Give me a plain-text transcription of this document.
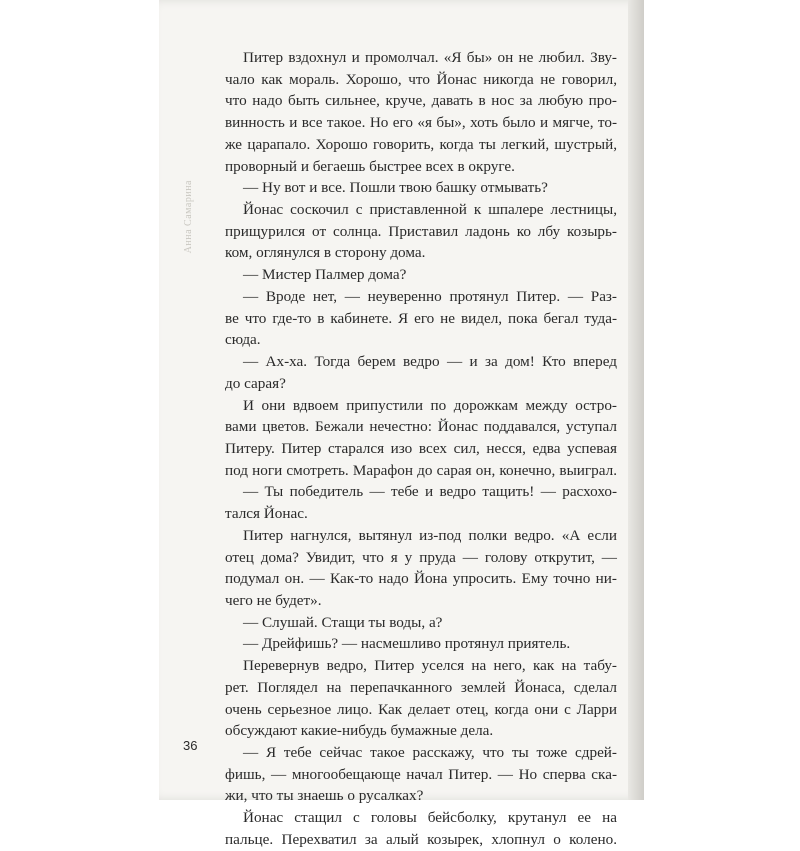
Анна Самарина
Питер вздохнул и промолчал. «Я бы» он не любил. Зву-
чало как мораль. Хорошо, что Йонас никогда не говорил,
что надо быть сильнее, круче, давать в нос за любую про-
винность и все такое. Но его «я бы», хоть было и мягче, то-
же царапало. Хорошо говорить, когда ты легкий, шустрый,
проворный и бегаешь быстрее всех в округе.
— Ну вот и все. Пошли твою башку отмывать?
Йонас соскочил с приставленной к шпалере лестницы,
прищурился от солнца. Приставил ладонь ко лбу козырь-
ком, оглянулся в сторону дома.
— Мистер Палмер дома?
— Вроде нет, — неуверенно протянул Питер. — Раз-
ве что где-то в кабинете. Я его не видел, пока бегал туда-
сюда.
— Ах-ха. Тогда берем ведро — и за дом! Кто вперед
до сарая?
И они вдвоем припустили по дорожкам между остро-
вами цветов. Бежали нечестно: Йонас поддавался, уступал
Питеру. Питер старался изо всех сил, несся, едва успевая
под ноги смотреть. Марафон до сарая он, конечно, выиграл.
— Ты победитель — тебе и ведро тащить! — расхохо-
тался Йонас.
Питер нагнулся, вытянул из-под полки ведро. «А если
отец дома? Увидит, что я у пруда — голову открутит, —
подумал он. — Как-то надо Йона упросить. Ему точно ни-
чего не будет».
— Слушай. Стащи ты воды, а?
— Дрейфишь? — насмешливо протянул приятель.
Перевернув ведро, Питер уселся на него, как на табу-
рет. Поглядел на перепачканного землей Йонаса, сделал
очень серьезное лицо. Как делает отец, когда они с Ларри
обсуждают какие-нибудь бумажные дела.
— Я тебе сейчас такое расскажу, что ты тоже сдрей-
фишь, — многообещающе начал Питер. — Но сперва ска-
жи, что ты знаешь о русалках?
Йонас стащил с головы бейсболку, крутанул ее на
пальце. Перехватил за алый козырек, хлопнул о колено.
36
